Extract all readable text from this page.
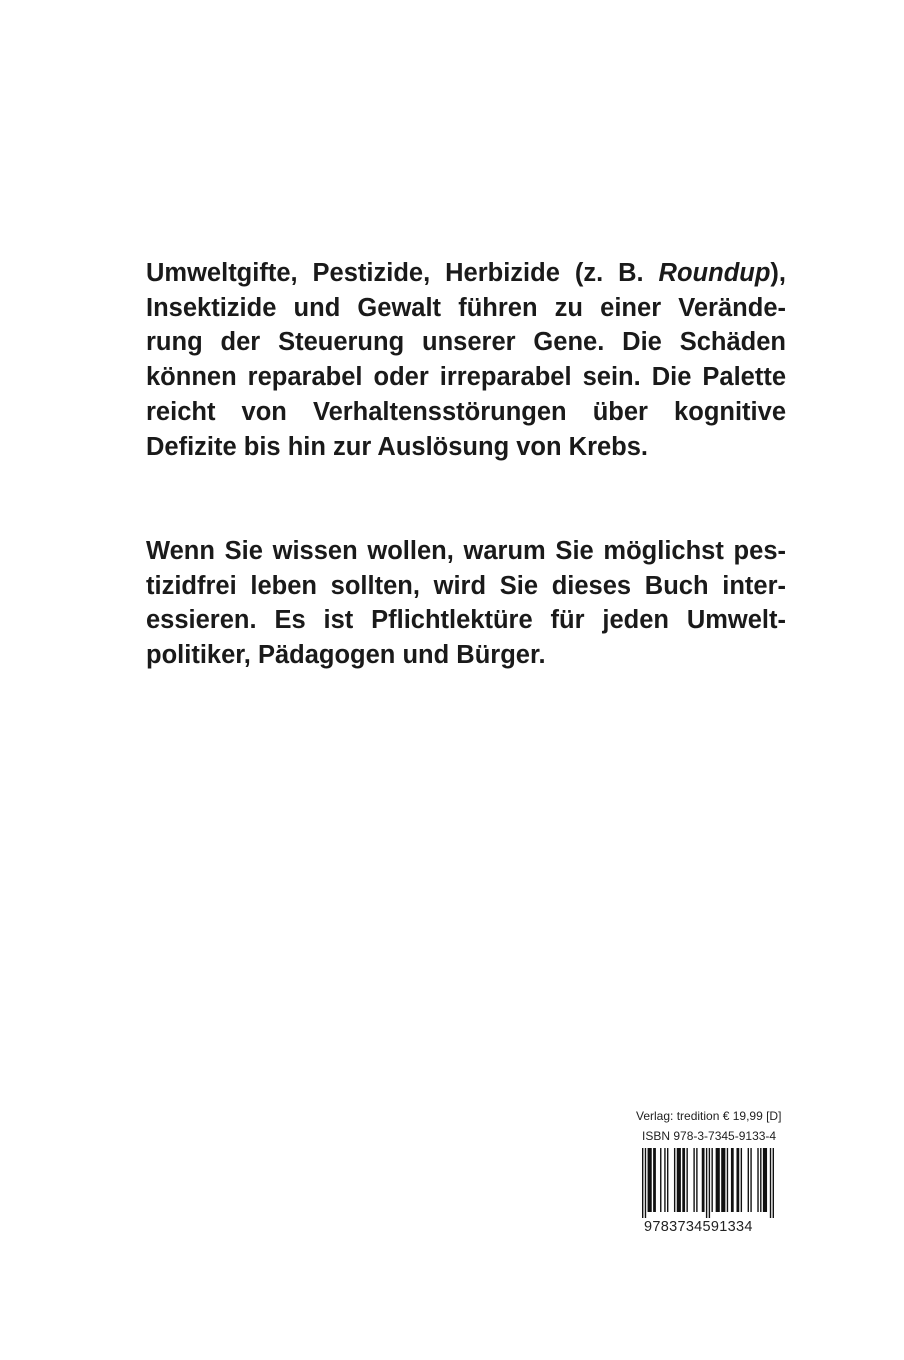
Umweltgifte, Pestizide, Herbizide (z. B. Roundup),
Insektizide und Gewalt führen zu einer Verände-
rung der Steuerung unserer Gene. Die Schäden
können reparabel oder irreparabel sein. Die Palette
reicht von Verhaltensstörungen über kognitive
Defizite bis hin zur Auslösung von Krebs.
Wenn Sie wissen wollen, warum Sie möglichst pes-
tizidfrei leben sollten, wird Sie dieses Buch inter-
essieren. Es ist Pflichtlektüre für jeden Umwelt-
politiker, Pädagogen und Bürger.
Verlag: tredition € 19,99 [D]
ISBN 978-3-7345-9133-4
9783734591334
